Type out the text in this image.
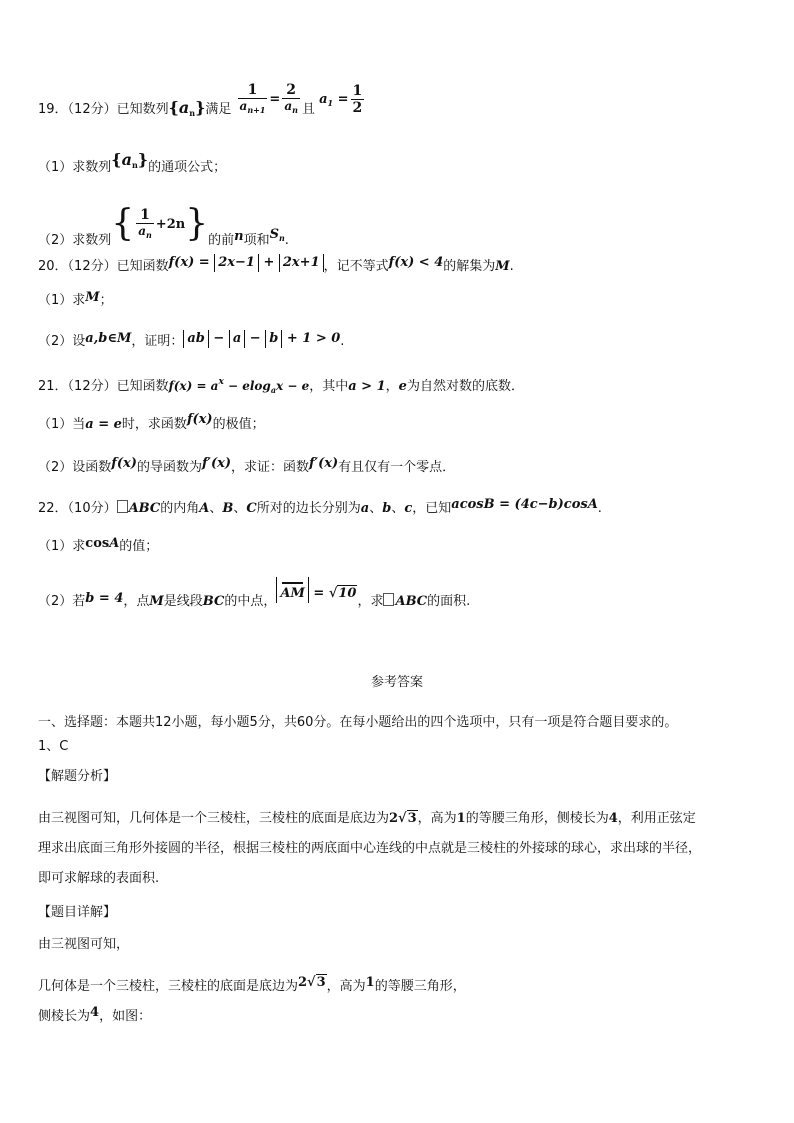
19．（12分）已知数列$\{a_n\}$满足 $\frac{1}{a_{n+1}} = \frac{2}{a_n}$ 且 $a_1 = \frac{1}{2}$
（1）求数列$\{a_n\}$的通项公式；
（2）求数列{ $\frac{1}{a_n} +2n$}的前n项和$S_n$.
20．（12分）已知函数f(x) = 2x−1 + 2x+1 ，记不等式f(x) < 4的解集为M.
（1）求M；
（2）设a,b∈M，证明： ab − a − b + 1 > 0.
21．（12分）已知函数$f(x) = a^x - elog_ax - e$，其中a > 1，e为自然对数的底数．
（1）当a = e时，求函数f(x)的极值；
（2）设函数f(x)的导函数为f′(x)，求证：函数f′(x)有且仅有一个零点．
22．（10分） ABC的内角A、B、C所对的边长分别为a、b、c，已知acosB = (4c−b)cosA.
（1）求cosA的值；
（2）若b = 4，点M是线段BC的中点，AM = √10，求 ABC的面积.
参考答案
一、选择题：本题共12小题，每小题5分，共60分。在每小题给出的四个选项中，只有一项是符合题目要求的。
1、C
【解题分析】
由三视图可知，几何体是一个三棱柱，三棱柱的底面是底边为2√3，高为1的等腰三角形，侧棱长为4，利用正弦定
理求出底面三角形外接圆的半径，根据三棱柱的两底面中心连线的中点就是三棱柱的外接球的球心，求出球的半径，
即可求解球的表面积.
【题目详解】
由三视图可知，
几何体是一个三棱柱，三棱柱的底面是底边为2√3，高为1的等腰三角形，
侧棱长为4，如图：
